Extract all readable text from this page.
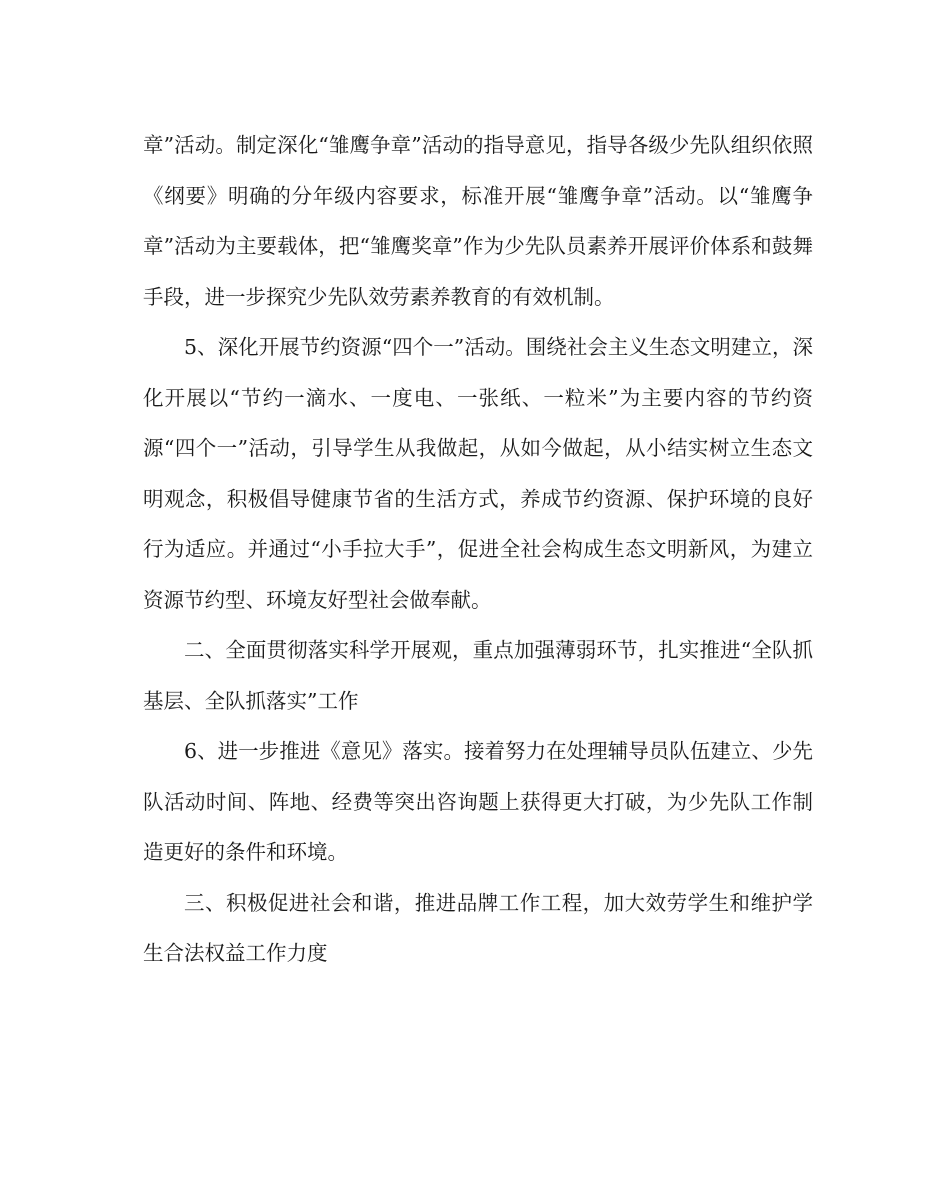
章”活动。制定深化“雏鹰争章”活动的指导意见，指导各级少先队组织依照《纲要》明确的分年级内容要求，标准开展“雏鹰争章”活动。以“雏鹰争章”活动为主要载体，把“雏鹰奖章”作为少先队员素养开展评价体系和鼓舞手段，进一步探究少先队效劳素养教育的有效机制。

5、深化开展节约资源“四个一”活动。围绕社会主义生态文明建立，深化开展以“节约一滴水、一度电、一张纸、一粒米”为主要内容的节约资源“四个一”活动，引导学生从我做起，从如今做起，从小结实树立生态文明观念，积极倡导健康节省的生活方式，养成节约资源、保护环境的良好行为适应。并通过“小手拉大手”，促进全社会构成生态文明新风，为建立资源节约型、环境友好型社会做奉献。

二、全面贯彻落实科学开展观，重点加强薄弱环节，扎实推进“全队抓基层、全队抓落实”工作

6、进一步推进《意见》落实。接着努力在处理辅导员队伍建立、少先队活动时间、阵地、经费等突出咨询题上获得更大打破，为少先队工作制造更好的条件和环境。

三、积极促进社会和谐，推进品牌工作工程，加大效劳学生和维护学生合法权益工作力度
